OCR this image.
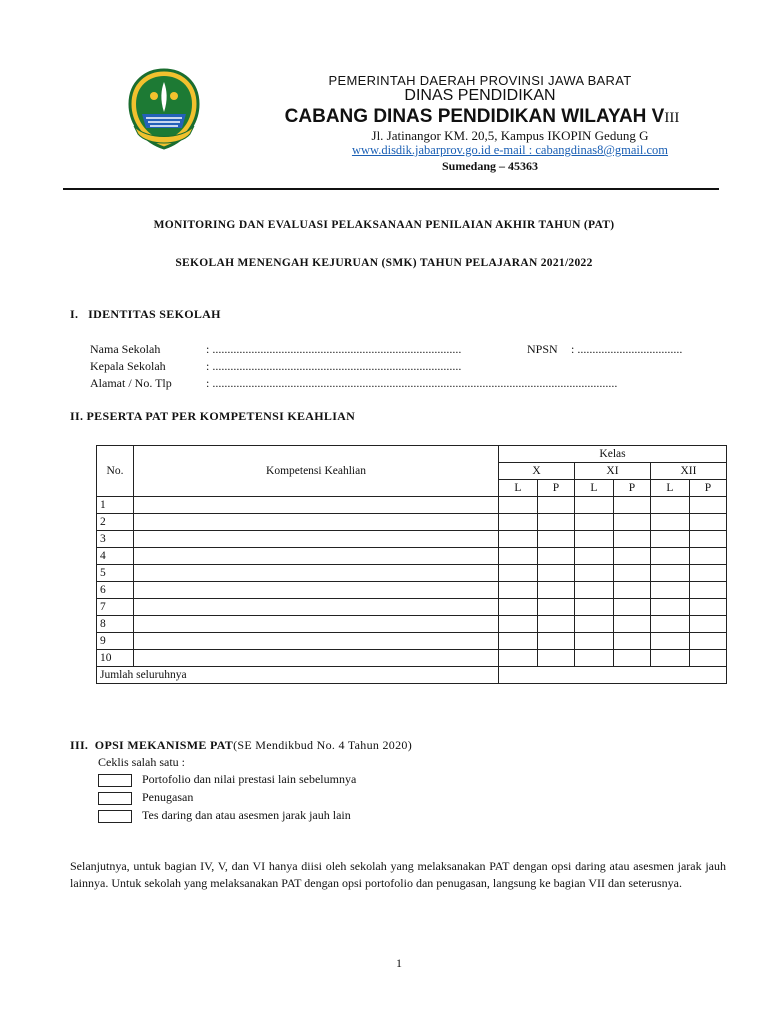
PEMERINTAH DAERAH PROVINSI JAWA BARAT
DINAS PENDIDIKAN
CABANG DINAS PENDIDIKAN WILAYAH VIII
Jl. Jatinangor KM. 20,5, Kampus IKOPIN Gedung G
www.disdik.jabarprov.go.id e-mail : cabangdinas8@gmail.com
Sumedang – 45363
MONITORING DAN EVALUASI PELAKSANAAN PENILAIAN AKHIR TAHUN (PAT)
SEKOLAH MENENGAH KEJURUAN (SMK) TAHUN PELAJARAN 2021/2022
I.   IDENTITAS SEKOLAH
Nama Sekolah	: ...................................................................................	NPSN : ...................................
Kepala Sekolah	: ...................................................................................
Alamat / No. Tlp	: .......................................................................................................................................
II. PESERTA PAT PER KOMPETENSI KEAHLIAN
No.	Kompetensi Keahlian	Kelas					
		X		XI		XII	
		L	P	L	P	L	P
1							
2							
3							
4							
5							
6							
7							
8							
9							
10							
Jumlah seluruhnya							
III.  OPSI MEKANISME PAT(SE Mendikbud No. 4 Tahun 2020)
Ceklis salah satu :
Portofolio dan nilai prestasi lain sebelumnya
Penugasan
Tes daring dan atau asesmen jarak jauh lain
Selanjutnya, untuk bagian IV, V, dan VI hanya diisi oleh sekolah yang melaksanakan PAT dengan opsi daring atau asesmen jarak jauh lainnya. Untuk sekolah yang melaksanakan PAT dengan opsi portofolio dan penugasan, langsung ke bagian VII dan seterusnya.
1
